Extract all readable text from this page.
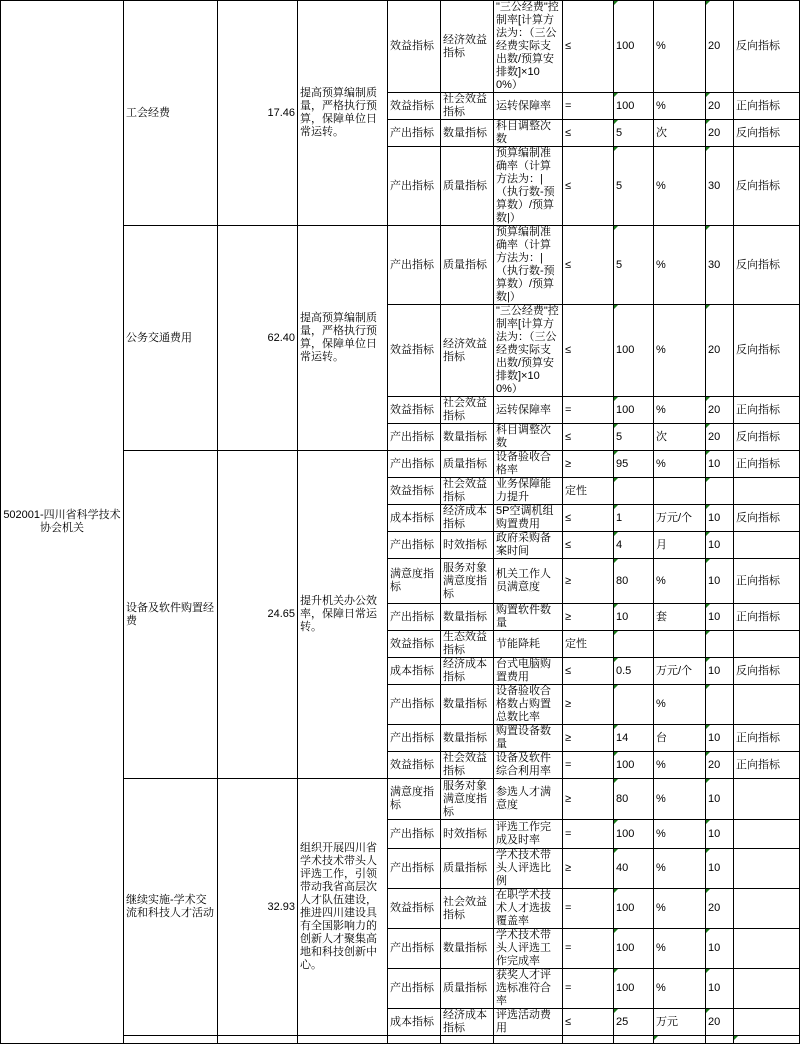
502001-四川省科学技术协会机关	工会经费	17.46	提高预算编制质量，严格执行预算，保障单位日常运转。	效益指标	经济效益指标	"三公经费"控制率[计算方法为：（三公经费实际支出数/预算安排数]×100%）	≤	100	%	20	反向指标
				效益指标	社会效益指标	运转保障率	=	100	%	20	正向指标
				产出指标	数量指标	科目调整次数	≤	5	次	20	反向指标
				产出指标	质量指标	预算编制准确率（计算方法为：|（执行数-预算数）/预算数|）	≤	5	%	30	反向指标
	公务交通费用	62.40	提高预算编制质量，严格执行预算，保障单位日常运转。	产出指标	质量指标	预算编制准确率（计算方法为：|（执行数-预算数）/预算数|）	≤	5	%	30	反向指标
				效益指标	经济效益指标	"三公经费"控制率[计算方法为：（三公经费实际支出数/预算安排数]×100%）	≤	100	%	20	反向指标
				效益指标	社会效益指标	运转保障率	=	100	%	20	正向指标
				产出指标	数量指标	科目调整次数	≤	5	次	20	反向指标
	设备及软件购置经费	24.65	提升机关办公效率，保障日常运转。	产出指标	质量指标	设备验收合格率	≥	95	%	10	正向指标
				效益指标	社会效益指标	业务保障能力提升	定性				
				成本指标	经济成本指标	5P空调机组购置费用	≤	1	万元/个	10	反向指标
				产出指标	时效指标	政府采购备案时间	≤	4	月	10	
				满意度指标	服务对象满意度指标	机关工作人员满意度	≥	80	%	10	正向指标
				产出指标	数量指标	购置软件数量	≥	10	套	10	正向指标
				效益指标	生态效益指标	节能降耗	定性				
				成本指标	经济成本指标	台式电脑购置费用	≤	0.5	万元/个	10	反向指标
				产出指标	数量指标	设备验收合格数占购置总数比率	≥		%		
				产出指标	数量指标	购置设备数量	≥	14	台	10	正向指标
				效益指标	社会效益指标	设备及软件综合利用率	=	100	%	20	正向指标
	继续实施-学术交流和科技人才活动	32.93	组织开展四川省学术技术带头人评选工作，引领带动我省高层次人才队伍建设，推进四川建设具有全国影响力的创新人才聚集高地和科技创新中心。	满意度指标	服务对象满意度指标	参选人才满意度	≥	80	%	10	
				产出指标	时效指标	评选工作完成及时率	=	100	%	10	
				产出指标	质量指标	学术技术带头人评选比例	≥	40	%	10	
				效益指标	社会效益指标	在职学术技术人才选拔覆盖率	=	100	%	20	
				产出指标	数量指标	学术技术带头人评选工作完成率	=	100	%	10	
				产出指标	质量指标	获奖人才评选标准符合率	=	100	%	10	
				成本指标	经济成本指标	评选活动费用	≤	25	万元	20	
